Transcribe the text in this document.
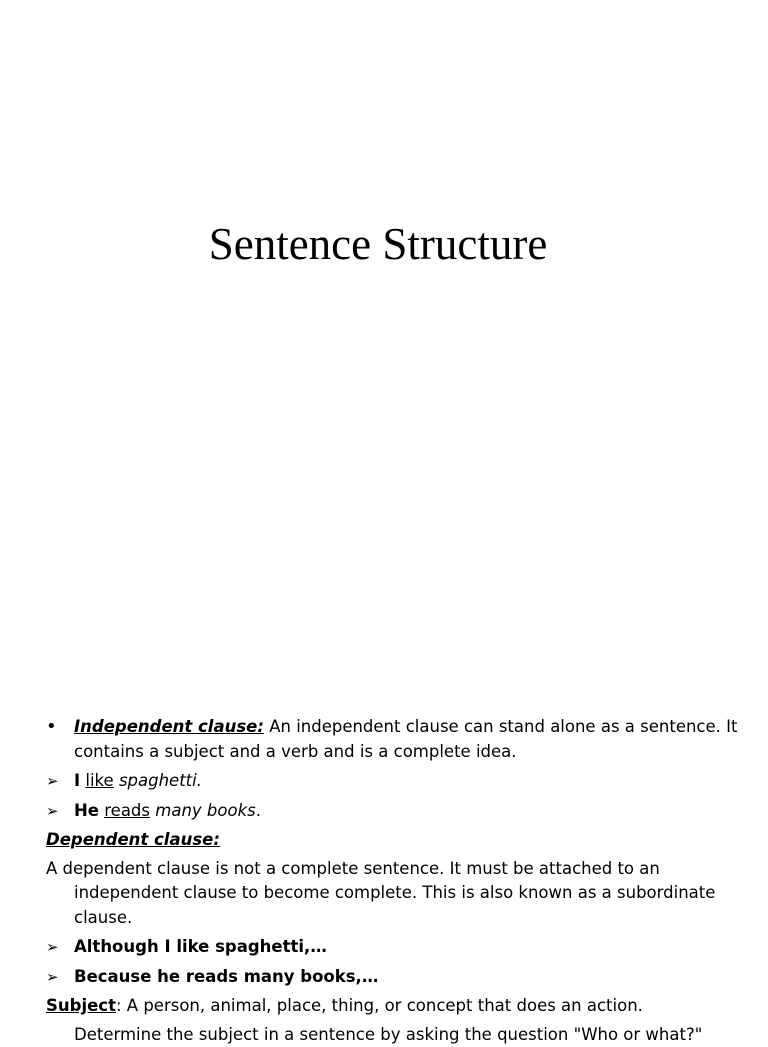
Sentence Structure
•	Independent clause: An independent clause can stand alone as a sentence. It contains a subject and a verb and is a complete idea.
➢ I like spaghetti.
➢ He reads many books.
Dependent clause:
A dependent clause is not a complete sentence. It must be attached to an independent clause to become complete. This is also known as a subordinate clause.
➢ Although I like spaghetti,…
➢ Because he reads many books,…
Subject: A person, animal, place, thing, or concept that does an action.
Determine the subject in a sentence by asking the question "Who or what?"
